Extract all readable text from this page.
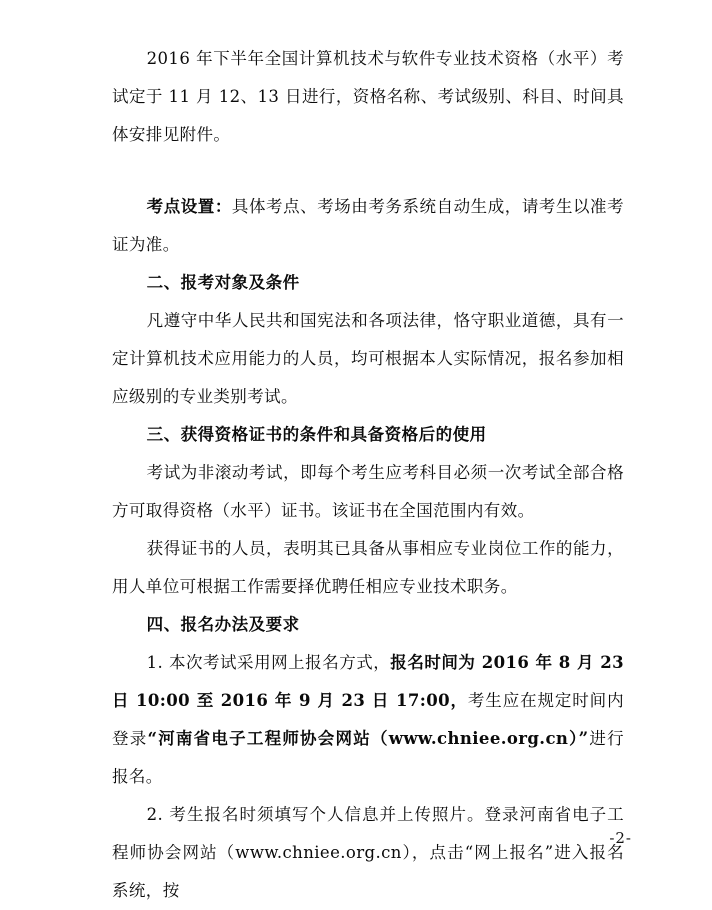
2016 年下半年全国计算机技术与软件专业技术资格（水平）考试定于 11 月 12、13 日进行，资格名称、考试级别、科目、时间具体安排见附件。

考点设置：具体考点、考场由考务系统自动生成，请考生以准考证为准。

二、报考对象及条件

凡遵守中华人民共和国宪法和各项法律，恪守职业道德，具有一定计算机技术应用能力的人员，均可根据本人实际情况，报名参加相应级别的专业类别考试。

三、获得资格证书的条件和具备资格后的使用

考试为非滚动考试，即每个考生应考科目必须一次考试全部合格方可取得资格（水平）证书。该证书在全国范围内有效。

获得证书的人员，表明其已具备从事相应专业岗位工作的能力，用人单位可根据工作需要择优聘任相应专业技术职务。

四、报名办法及要求

1. 本次考试采用网上报名方式，报名时间为 2016 年 8 月 23 日 10:00 至 2016 年 9 月 23 日 17:00，考生应在规定时间内登录“河南省电子工程师协会网站（www.chniee.org.cn）”进行报名。

2. 考生报名时须填写个人信息并上传照片。登录河南省电子工程师协会网站（www.chniee.org.cn），点击“网上报名”进入报名系统，按

-2-
